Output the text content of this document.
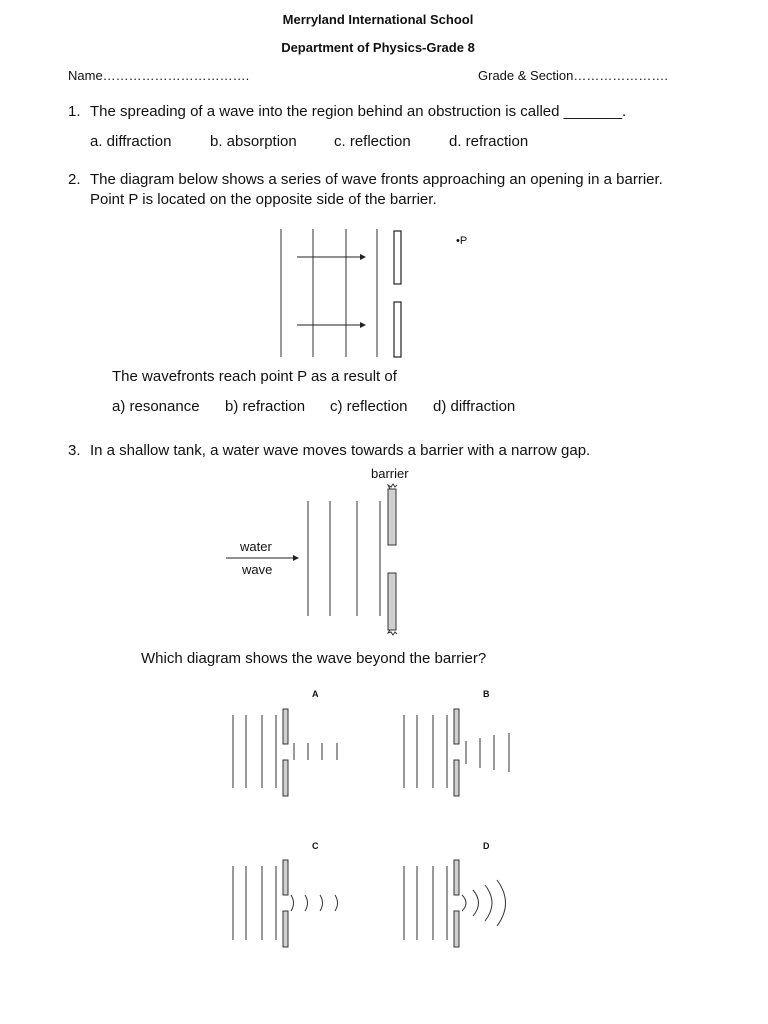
Merryland International School
Department of Physics-Grade 8
Name…………………………….	Grade & Section………………….
1. The spreading of a wave into the region behind an obstruction is called _______.
a. diffraction	b. absorption c. reflection	d. refraction
2. The diagram below shows a series of wave fronts approaching an opening in a barrier.
Point P is located on the opposite side of the barrier.
•P
The wavefronts reach point P as a result of
a) resonance b) refraction c) reflection d) diffraction
3. In a shallow tank, a water wave moves towards a barrier with a narrow gap.
barrier
water
wave
Which diagram shows the wave beyond the barrier?
A	B
C	D
